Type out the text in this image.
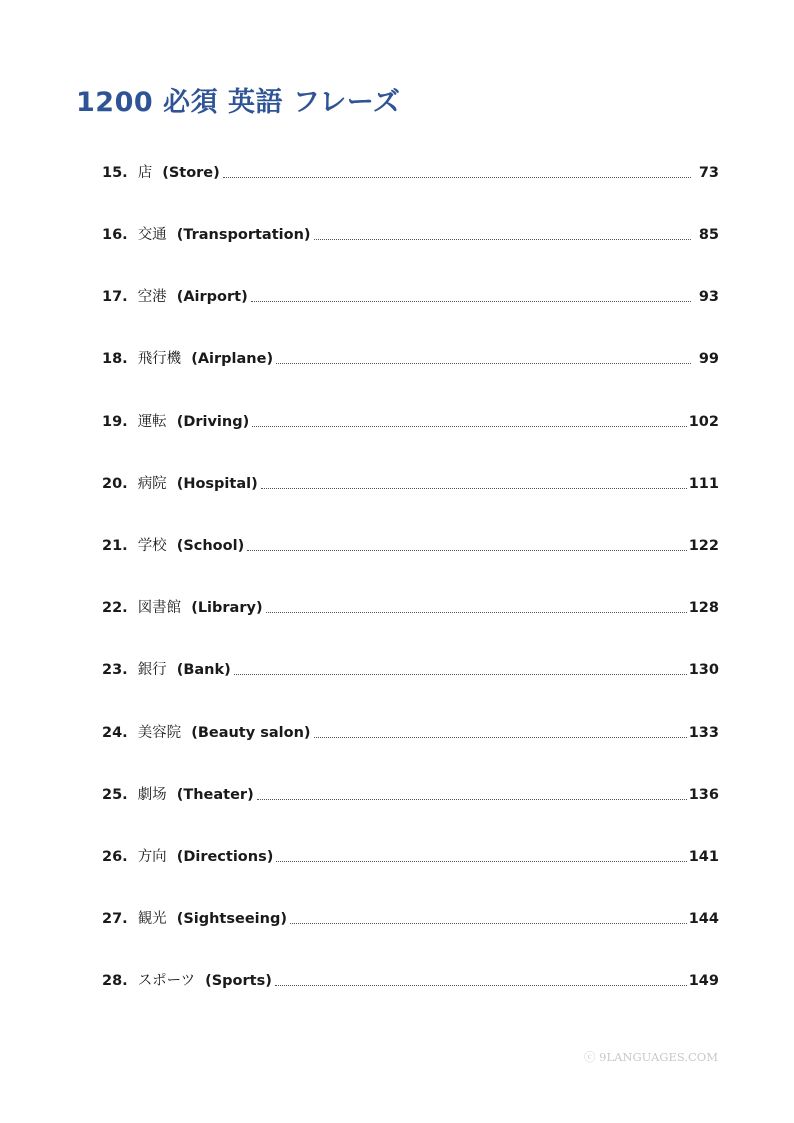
1200 必須 英語 フレーズ
15. 店 (Store)	73
16. 交通 (Transportation)	85
17. 空港 (Airport)	93
18. 飛行機 (Airplane)	99
19. 運転 (Driving)	102
20. 病院 (Hospital)	111
21. 学校 (School)	122
22. 図書館 (Library)	128
23. 銀行 (Bank)	130
24. 美容院 (Beauty salon)	133
25. 劇场 (Theater)	136
26. 方向 (Directions)	141
27. 観光 (Sightseeing)	144
28. スポーツ (Sports)	149
ⓒ 9LANGUAGES.COM
